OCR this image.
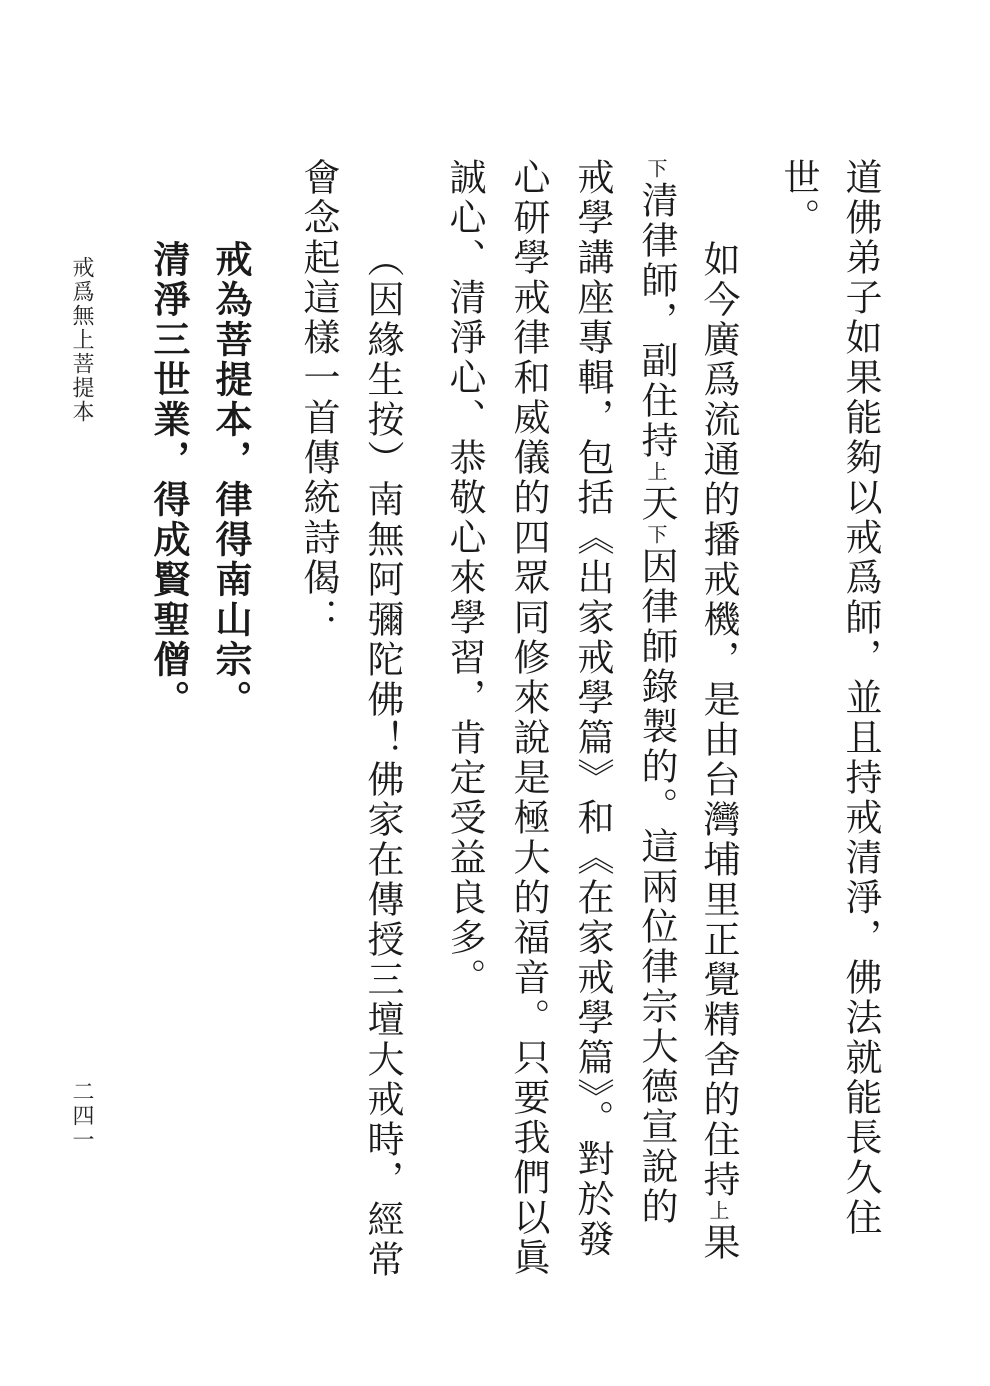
道佛弟子如果能夠以戒爲師，並且持戒清淨，佛法就能長久住
世。
如今廣爲流通的播戒機，是由台灣埔里正覺精舍的住持上果
下清律師，副住持上天下因律師錄製的。這兩位律宗大德宣說的
戒學講座專輯，包括《出家戒學篇》和《在家戒學篇》。對於發
心研學戒律和威儀的四眾同修來說是極大的福音。只要我們以眞
誠心、清淨心、恭敬心來學習，肯定受益良多。
（因緣生按）南無阿彌陀佛！佛家在傳授三壇大戒時，經常
會念起這樣一首傳統詩偈：
戒為菩提本，律得南山宗。
清淨三世業，得成賢聖僧。
戒爲無上菩提本
二四一
